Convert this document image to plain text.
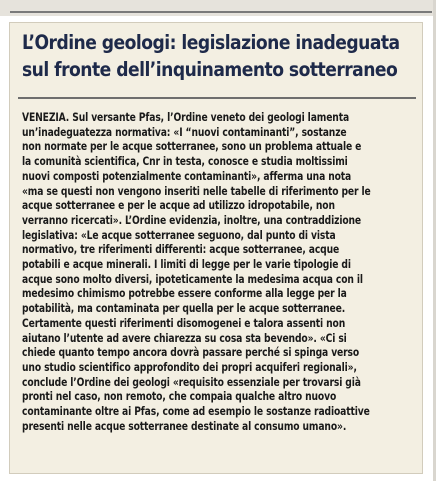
L’Ordine geologi: legislazione inadeguata
sul fronte dell’inquinamento sotterraneo

VENEZIA. Sul versante Pfas, l’Ordine veneto dei geologi lamenta
un’inadeguatezza normativa: «I “nuovi contaminanti”, sostanze
non normate per le acque sotterranee, sono un problema attuale e
la comunità scientifica, Cnr in testa, conosce e studia moltissimi
nuovi composti potenzialmente contaminanti», afferma una nota
«ma se questi non vengono inseriti nelle tabelle di riferimento per le
acque sotterranee e per le acque ad utilizzo idropotabile, non
verranno ricercati». L’Ordine evidenzia, inoltre, una contraddizione
legislativa: «Le acque sotterranee seguono, dal punto di vista
normativo, tre riferimenti differenti: acque sotterranee, acque
potabili e acque minerali. I limiti di legge per le varie tipologie di
acque sono molto diversi, ipoteticamente la medesima acqua con il
medesimo chimismo potrebbe essere conforme alla legge per la
potabilità, ma contaminata per quella per le acque sotterranee.
Certamente questi riferimenti disomogenei e talora assenti non
aiutano l’utente ad avere chiarezza su cosa sta bevendo». «Ci si
chiede quanto tempo ancora dovrà passare perché si spinga verso
uno studio scientifico approfondito dei propri acquiferi regionali»,
conclude l’Ordine dei geologi «requisito essenziale per trovarsi già
pronti nel caso, non remoto, che compaia qualche altro nuovo
contaminante oltre ai Pfas, come ad esempio le sostanze radioattive
presenti nelle acque sotterranee destinate al consumo umano».
